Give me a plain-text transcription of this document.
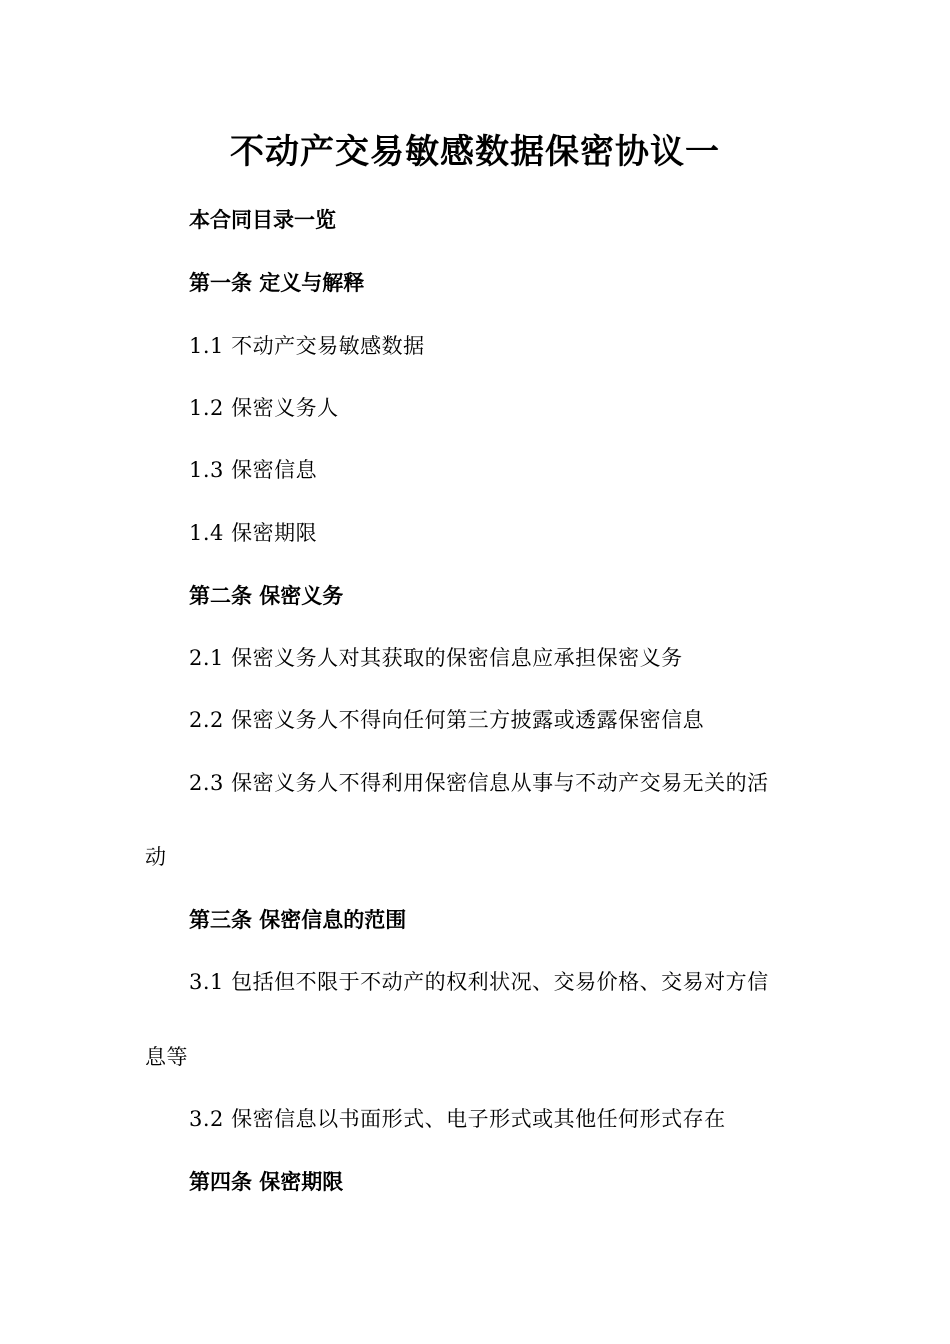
不动产交易敏感数据保密协议一
本合同目录一览
第一条 定义与解释
1.1 不动产交易敏感数据
1.2 保密义务人
1.3 保密信息
1.4 保密期限
第二条 保密义务
2.1 保密义务人对其获取的保密信息应承担保密义务
2.2 保密义务人不得向任何第三方披露或透露保密信息
2.3 保密义务人不得利用保密信息从事与不动产交易无关的活
动
第三条 保密信息的范围
3.1 包括但不限于不动产的权利状况、交易价格、交易对方信
息等
3.2 保密信息以书面形式、电子形式或其他任何形式存在
第四条 保密期限
